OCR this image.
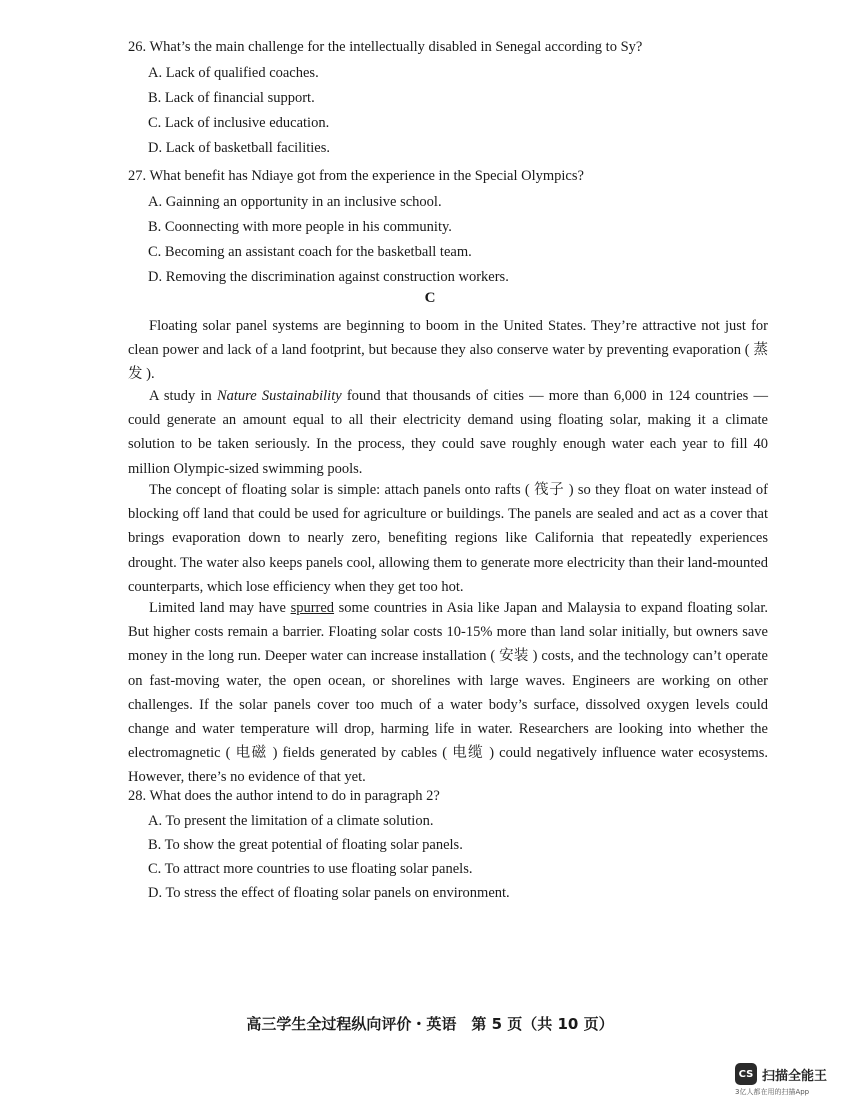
26. What’s the main challenge for the intellectually disabled in Senegal according to Sy?
A. Lack of qualified coaches.
B. Lack of financial support.
C. Lack of inclusive education.
D. Lack of basketball facilities.
27. What benefit has Ndiaye got from the experience in the Special Olympics?
A. Gainning an opportunity in an inclusive school.
B. Coonnecting with more people in his community.
C. Becoming an assistant coach for the basketball team.
D. Removing the discrimination against construction workers.
C
Floating solar panel systems are beginning to boom in the United States. They’re attractive not just for clean power and lack of a land footprint, but because they also conserve water by preventing evaporation ( 蒸发 ).
A study in Nature Sustainability found that thousands of cities — more than 6,000 in 124 countries — could generate an amount equal to all their electricity demand using floating solar, making it a climate solution to be taken seriously. In the process, they could save roughly enough water each year to fill 40 million Olympic-sized swimming pools.
The concept of floating solar is simple: attach panels onto rafts ( 筏子 ) so they float on water instead of blocking off land that could be used for agriculture or buildings. The panels are sealed and act as a cover that brings evaporation down to nearly zero, benefiting regions like California that repeatedly experiences drought. The water also keeps panels cool, allowing them to generate more electricity than their land-mounted counterparts, which lose efficiency when they get too hot.
Limited land may have spurred some countries in Asia like Japan and Malaysia to expand floating solar. But higher costs remain a barrier. Floating solar costs 10-15% more than land solar initially, but owners save money in the long run. Deeper water can increase installation ( 安装 ) costs, and the technology can’t operate on fast-moving water, the open ocean, or shorelines with large waves. Engineers are working on other challenges. If the solar panels cover too much of a water body’s surface, dissolved oxygen levels could change and water temperature will drop, harming life in water. Researchers are looking into whether the electromagnetic ( 电磁 ) fields generated by cables ( 电缆 ) could negatively influence water ecosystems. However, there’s no evidence of that yet.
28. What does the author intend to do in paragraph 2?
A. To present the limitation of a climate solution.
B. To show the great potential of floating solar panels.
C. To attract more countries to use floating solar panels.
D. To stress the effect of floating solar panels on environment.
高三学生全过程纵向评价・英语　第 5 页（共 10 页）
CS 扫描全能王
3亿人都在用的扫描App
